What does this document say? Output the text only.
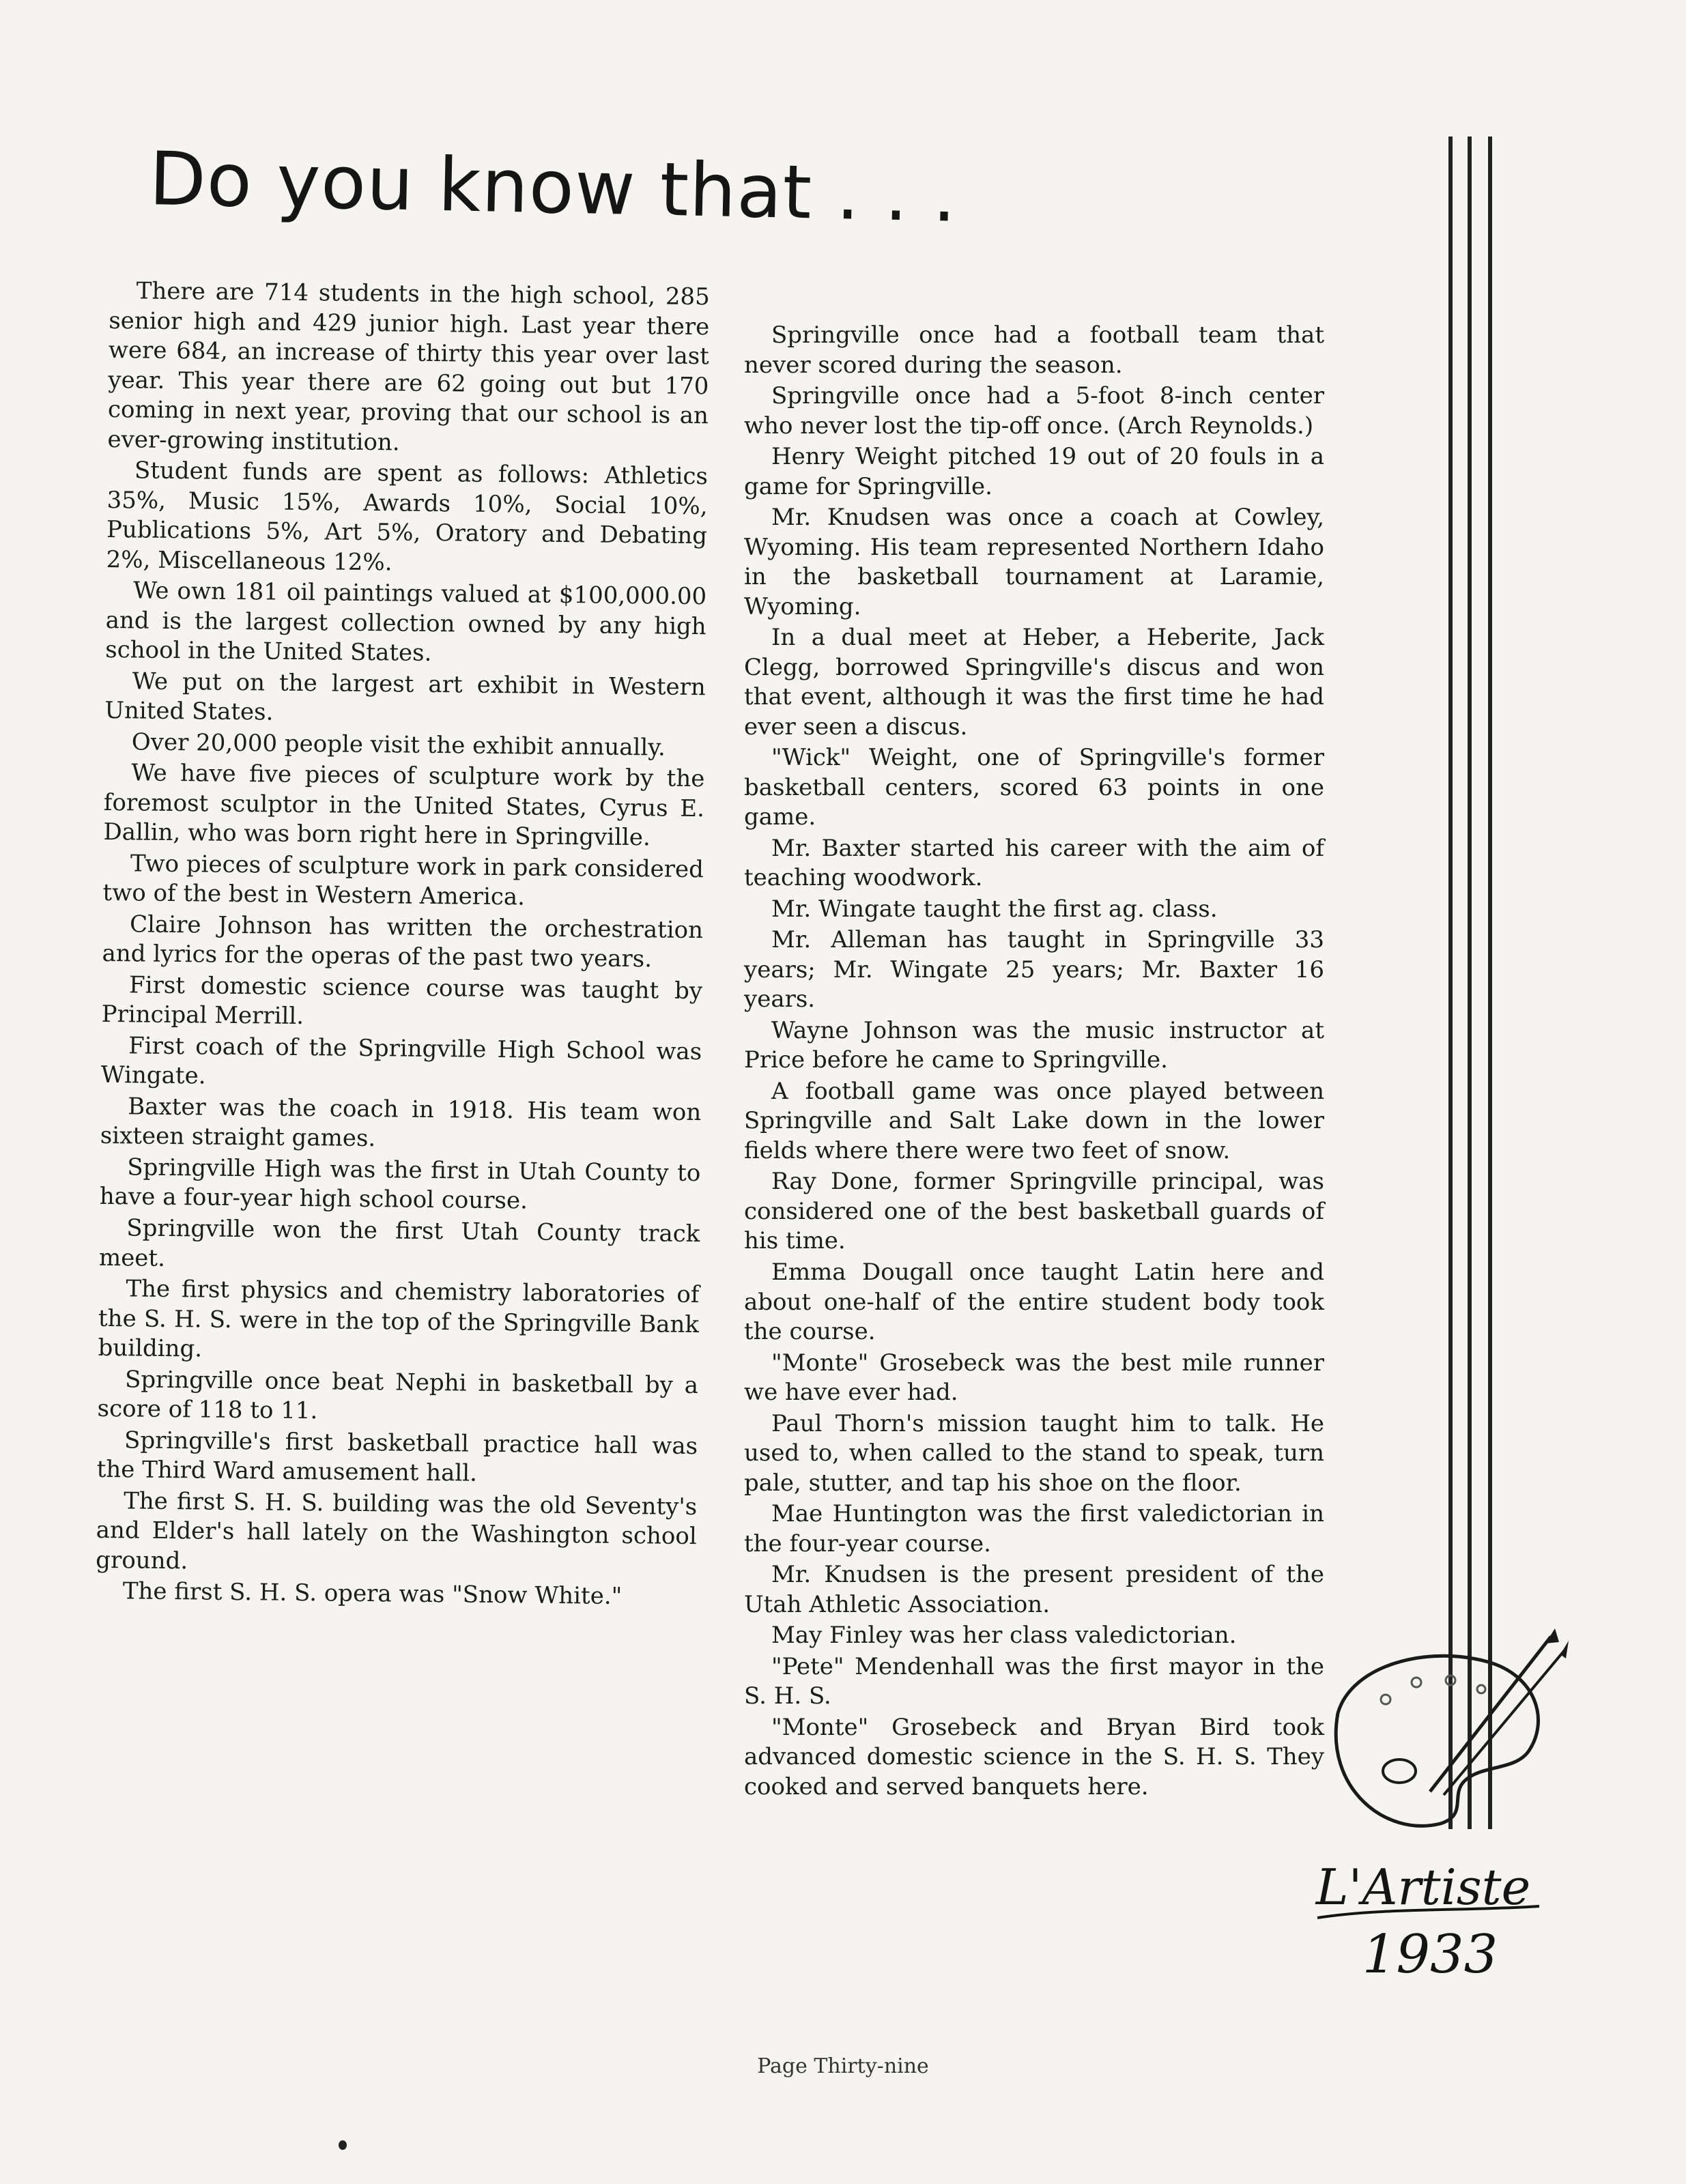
Do you know that . . .

There are 714 students in the high school, 285 senior high and 429 junior high. Last year there were 684, an increase of thirty this year over last year. This year there are 62 going out but 170 coming in next year, proving that our school is an ever-growing institution.

Student funds are spent as follows: Athletics 35%, Music 15%, Awards 10%, Social 10%, Publications 5%, Art 5%, Oratory and Debating 2%, Miscellaneous 12%.

We own 181 oil paintings valued at $100,000.00 and is the largest collection owned by any high school in the United States.

We put on the largest art exhibit in Western United States.

Over 20,000 people visit the exhibit annually.

We have five pieces of sculpture work by the foremost sculptor in the United States, Cyrus E. Dallin, who was born right here in Springville.

Two pieces of sculpture work in park considered two of the best in Western America.

Claire Johnson has written the orchestration and lyrics for the operas of the past two years.

First domestic science course was taught by Principal Merrill.

First coach of the Springville High School was Wingate.

Baxter was the coach in 1918. His team won sixteen straight games.

Springville High was the first in Utah County to have a four-year high school course.

Springville won the first Utah County track meet.

The first physics and chemistry laboratories of the S. H. S. were in the top of the Springville Bank building.

Springville once beat Nephi in basketball by a score of 118 to 11.

Springville's first basketball practice hall was the Third Ward amusement hall.

The first S. H. S. building was the old Seventy's and Elder's hall lately on the Washington school ground.

The first S. H. S. opera was "Snow White."

Springville once had a football team that never scored during the season.

Springville once had a 5-foot 8-inch center who never lost the tip-off once. (Arch Reynolds.)

Henry Weight pitched 19 out of 20 fouls in a game for Springville.

Mr. Knudsen was once a coach at Cowley, Wyoming. His team represented Northern Idaho in the basketball tournament at Laramie, Wyoming.

In a dual meet at Heber, a Heberite, Jack Clegg, borrowed Springville's discus and won that event, although it was the first time he had ever seen a discus.

"Wick" Weight, one of Springville's former basketball centers, scored 63 points in one game.

Mr. Baxter started his career with the aim of teaching woodwork.

Mr. Wingate taught the first ag. class.

Mr. Alleman has taught in Springville 33 years; Mr. Wingate 25 years; Mr. Baxter 16 years.

Wayne Johnson was the music instructor at Price before he came to Springville.

A football game was once played between Springville and Salt Lake down in the lower fields where there were two feet of snow.

Ray Done, former Springville principal, was considered one of the best basketball guards of his time.

Emma Dougall once taught Latin here and about one-half of the entire student body took the course.

"Monte" Grosebeck was the best mile runner we have ever had.

Paul Thorn's mission taught him to talk. He used to, when called to the stand to speak, turn pale, stutter, and tap his shoe on the floor.

Mae Huntington was the first valedictorian in the four-year course.

Mr. Knudsen is the present president of the Utah Athletic Association.

May Finley was her class valedictorian.

"Pete" Mendenhall was the first mayor in the S. H. S.

"Monte" Grosebeck and Bryan Bird took advanced domestic science in the S. H. S. They cooked and served banquets here.

L'Artiste
1933
Page Thirty-nine
